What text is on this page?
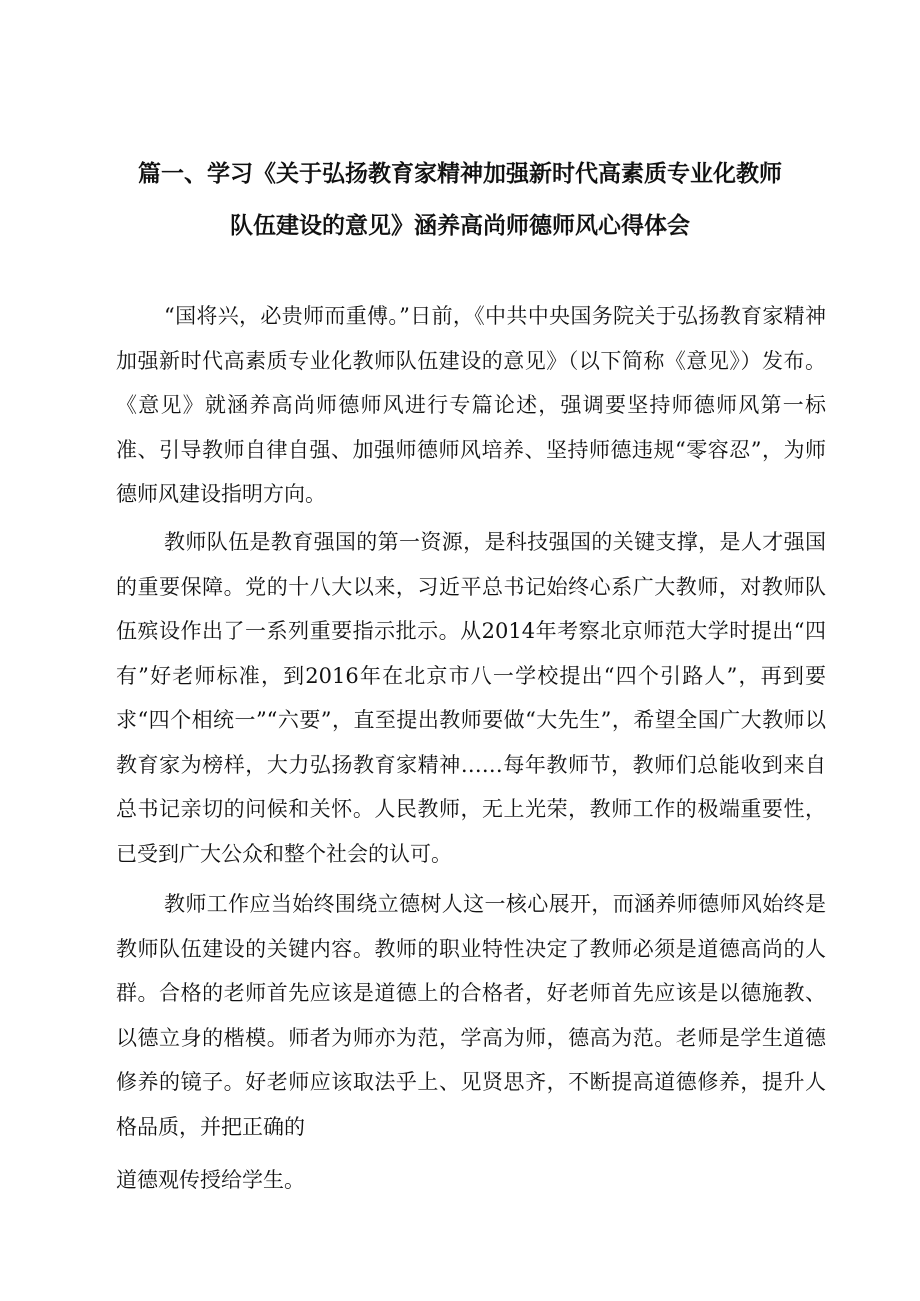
篇一、学习《关于弘扬教育家精神加强新时代高素质专业化教师
队伍建设的意见》涵养高尚师德师风心得体会

“国将兴，必贵师而重傅。”日前，《中共中央国务院关于弘扬教育家精神加强新时代高素质专业化教师队伍建设的意见》（以下简称《意见》）发布。《意见》就涵养高尚师德师风进行专篇论述，强调要坚持师德师风第一标准、引导教师自律自强、加强师德师风培养、坚持师德违规“零容忍”，为师德师风建设指明方向。

教师队伍是教育强国的第一资源，是科技强国的关键支撑，是人才强国的重要保障。党的十八大以来，习近平总书记始终心系广大教师，对教师队伍殡设作出了一系列重要指示批示。从2014年考察北京师范大学时提出“四有”好老师标准，到2016年在北京市八一学校提出“四个引路人”，再到要求“四个相统一”“六要”，直至提出教师要做“大先生”，希望全国广大教师以教育家为榜样，大力弘扬教育家精神……每年教师节，教师们总能收到来自总书记亲切的问候和关怀。人民教师，无上光荣，教师工作的极端重要性，已受到广大公众和整个社会的认可。

教师工作应当始终围绕立德树人这一核心展开，而涵养师德师风始终是教师队伍建设的关键内容。教师的职业特性决定了教师必须是道德高尚的人群。合格的老师首先应该是道德上的合格者，好老师首先应该是以德施教、以德立身的楷模。师者为师亦为范，学高为师，德高为范。老师是学生道德修养的镜子。好老师应该取法乎上、见贤思齐，不断提高道德修养，提升人格品质，并把正确的

道德观传授给学生。
